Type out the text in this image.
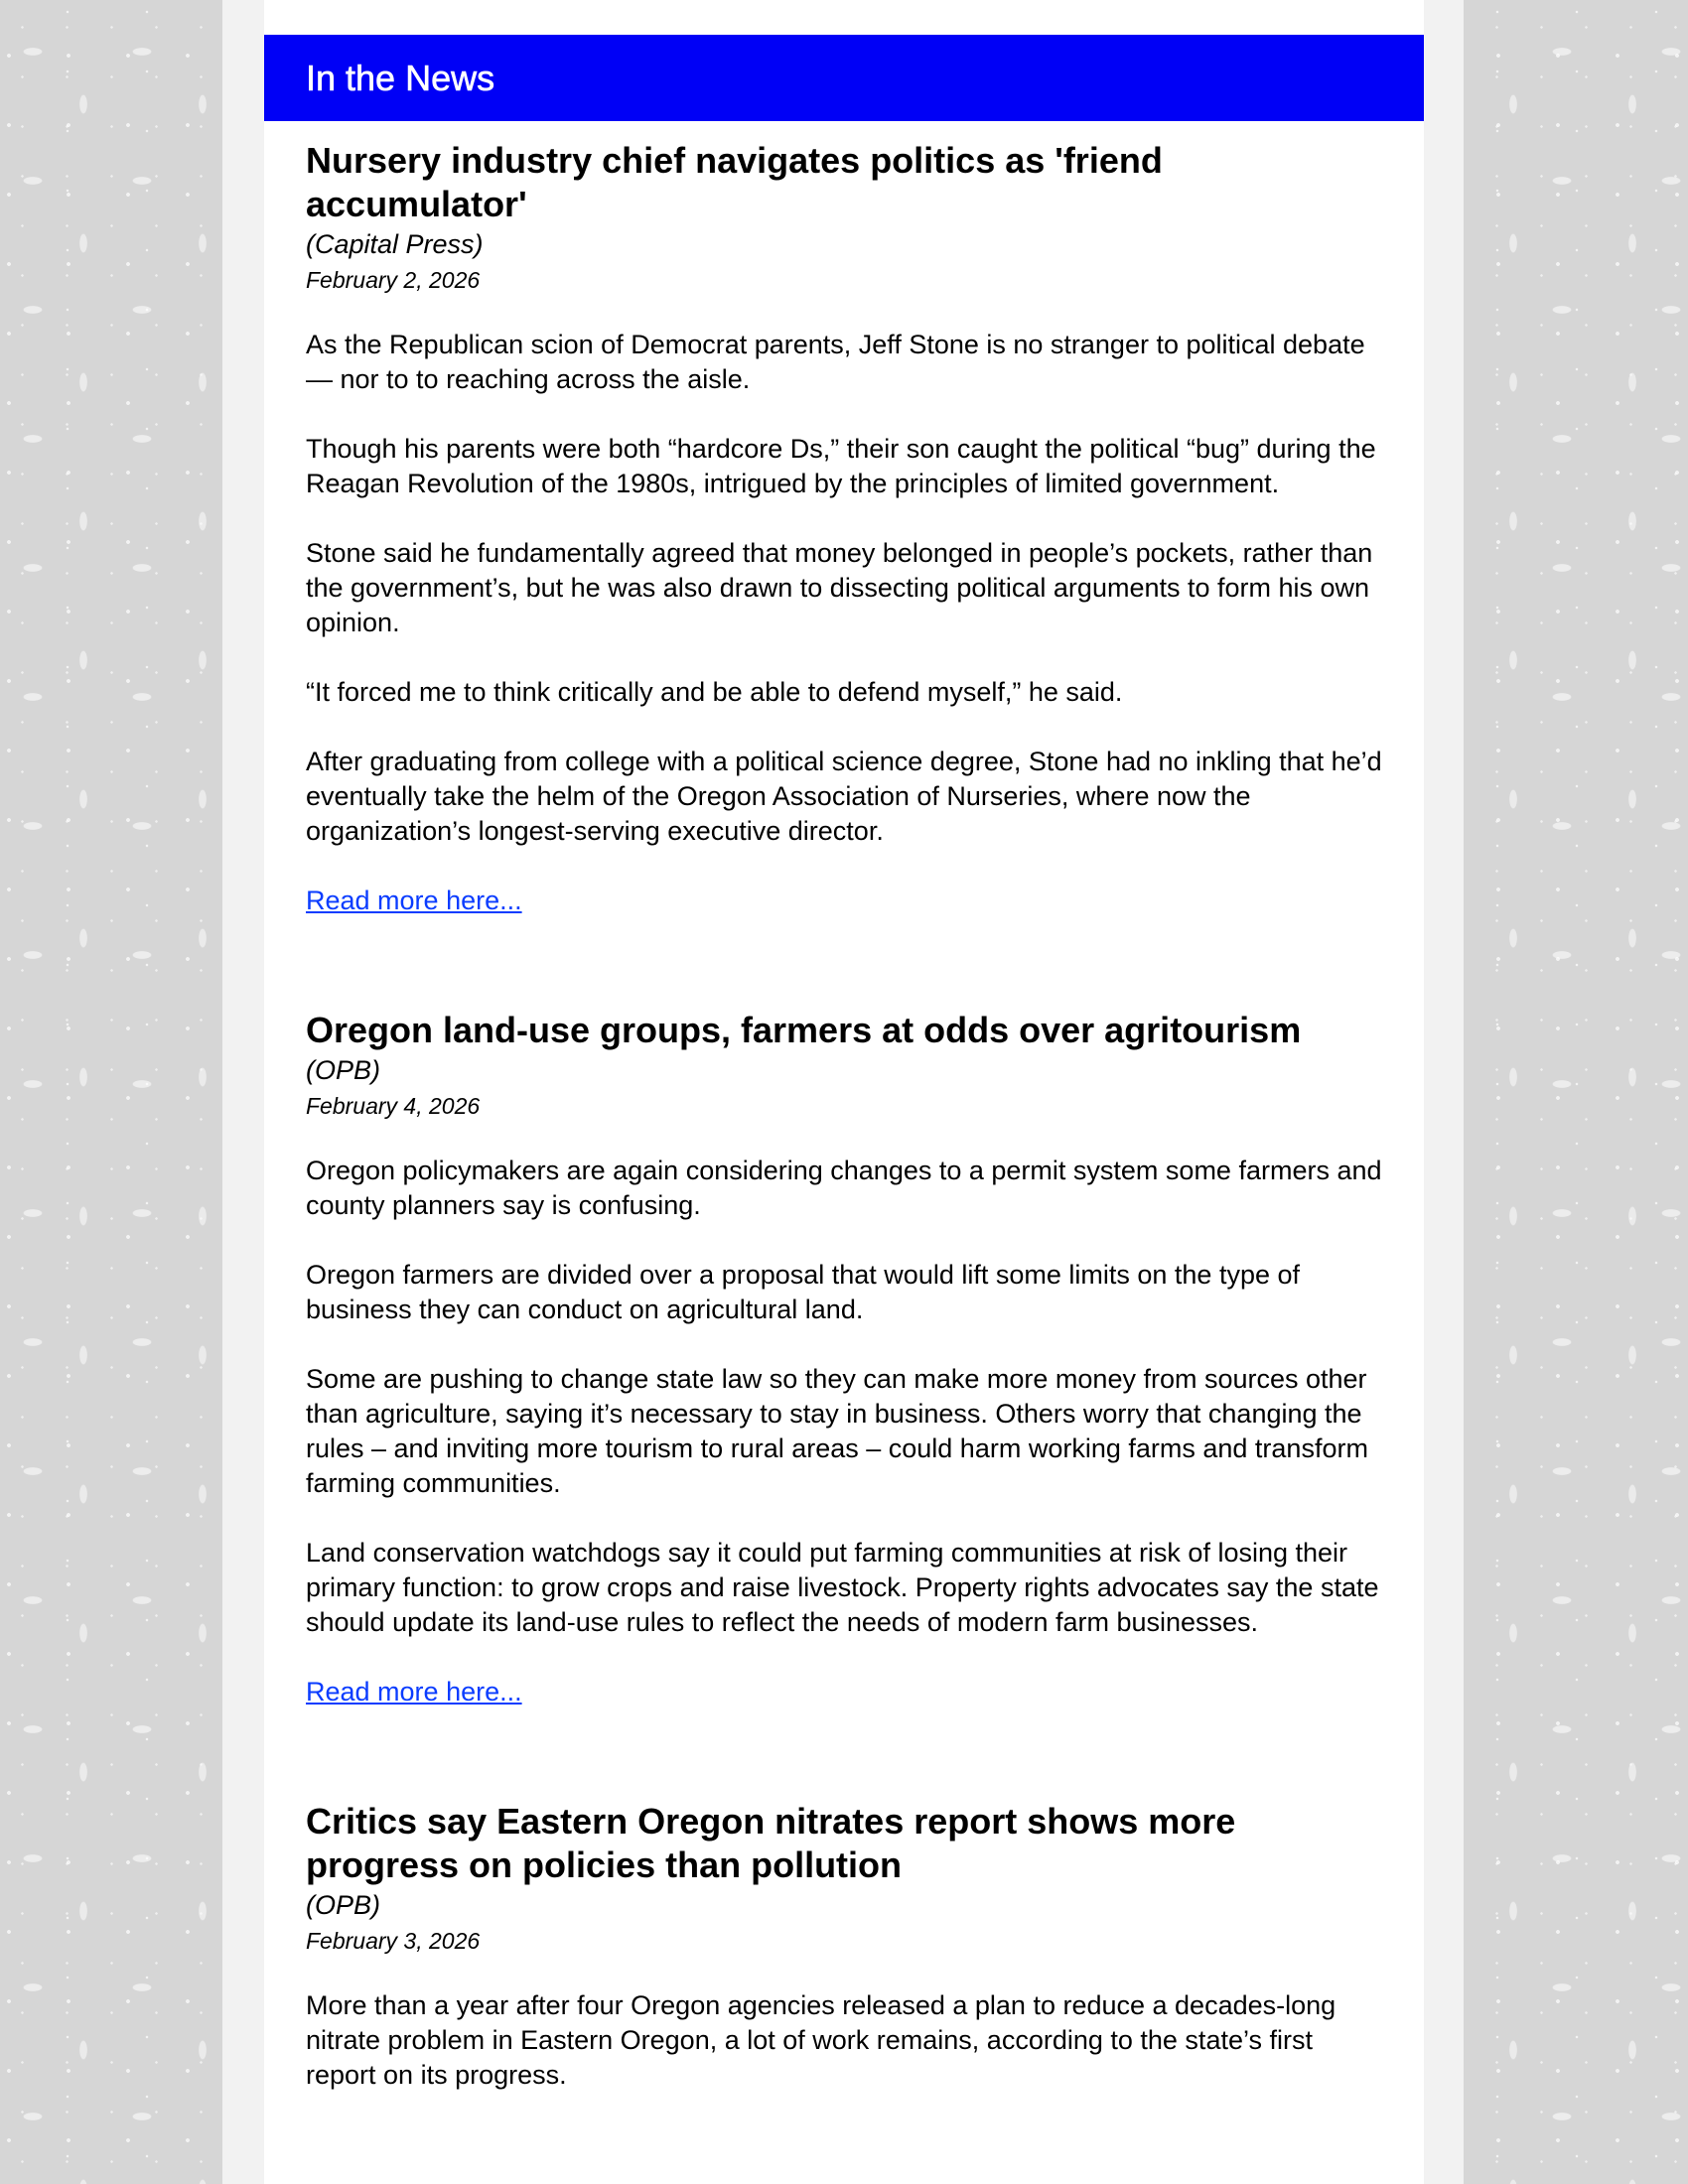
In the News
Nursery industry chief navigates politics as 'friend accumulator'

(Capital Press)

February 2, 2026

As the Republican scion of Democrat parents, Jeff Stone is no stranger to political debate — nor to to reaching across the aisle.

Though his parents were both “hardcore Ds,” their son caught the political “bug” during the Reagan Revolution of the 1980s, intrigued by the principles of limited government.

Stone said he fundamentally agreed that money belonged in people’s pockets, rather than the government’s, but he was also drawn to dissecting political arguments to form his own opinion.

“It forced me to think critically and be able to defend myself,” he said.

After graduating from college with a political science degree, Stone had no inkling that he’d eventually take the helm of the Oregon Association of Nurseries, where now the organization’s longest-serving executive director.

Read more here...
Oregon land-use groups, farmers at odds over agritourism

(OPB)

February 4, 2026

Oregon policymakers are again considering changes to a permit system some farmers and county planners say is confusing.

Oregon farmers are divided over a proposal that would lift some limits on the type of business they can conduct on agricultural land.

Some are pushing to change state law so they can make more money from sources other than agriculture, saying it’s necessary to stay in business. Others worry that changing the rules – and inviting more tourism to rural areas – could harm working farms and transform farming communities.

Land conservation watchdogs say it could put farming communities at risk of losing their primary function: to grow crops and raise livestock. Property rights advocates say the state should update its land-use rules to reflect the needs of modern farm businesses.

Read more here...
Critics say Eastern Oregon nitrates report shows more progress on policies than pollution

(OPB)

February 3, 2026

More than a year after four Oregon agencies released a plan to reduce a decades-long nitrate problem in Eastern Oregon, a lot of work remains, according to the state’s first report on its progress.
